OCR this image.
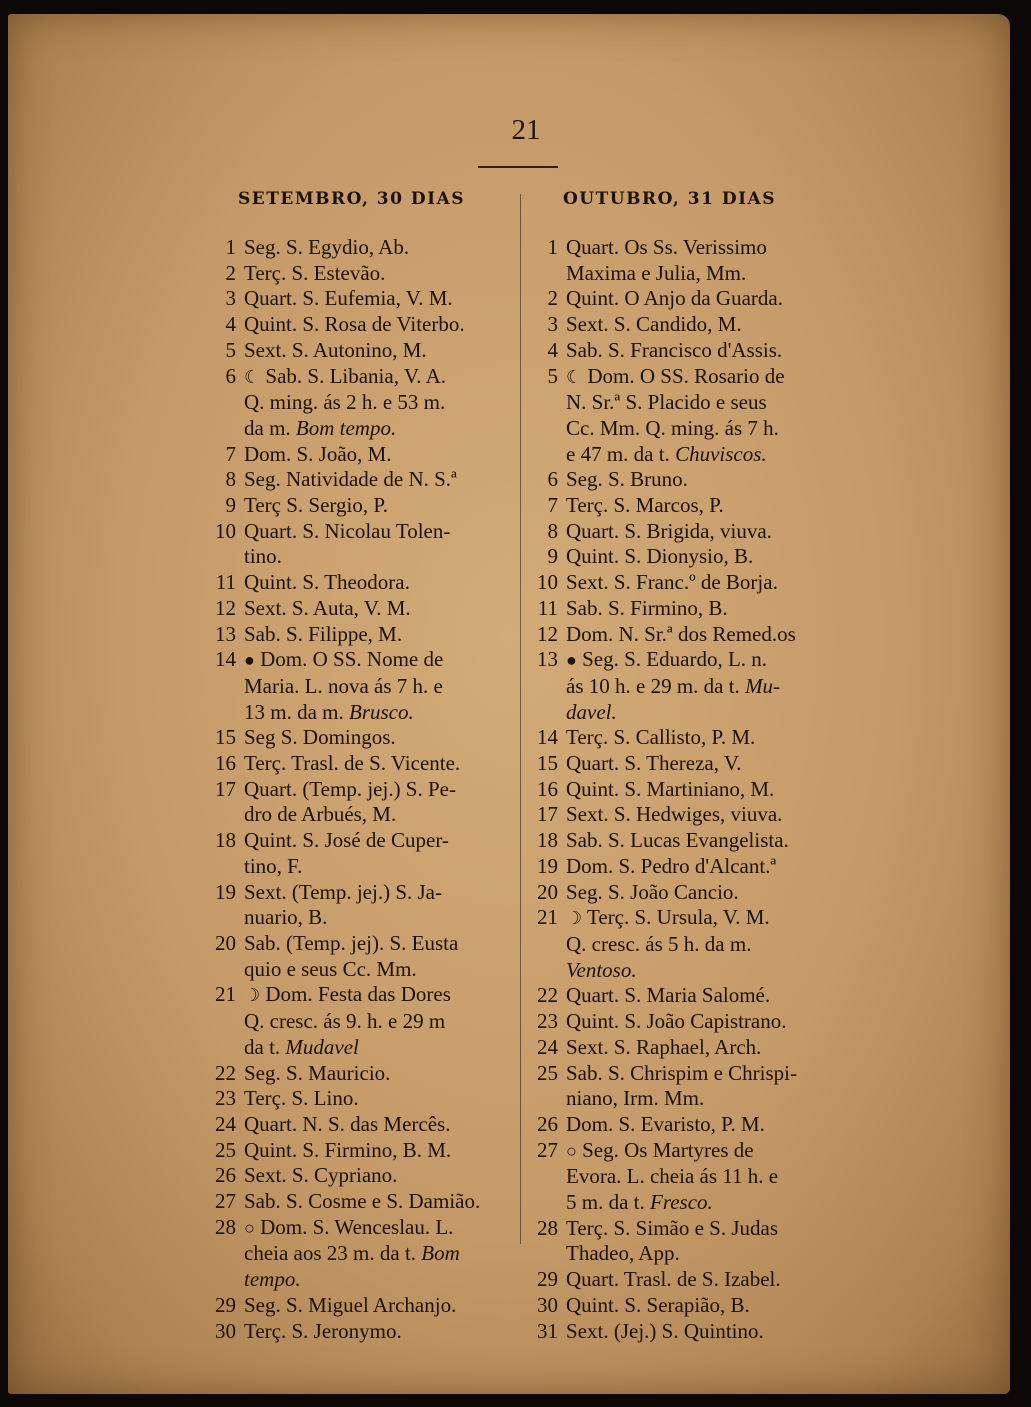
21
SETEMBRO, 30 DIAS	OUTUBRO, 31 DIAS
1 Seg. S. Egydio, Ab.
2 Terç. S. Estevão.
3 Quart. S. Eufemia, V. M.
4 Quint. S. Rosa de Viterbo.
5 Sext. S. Autonino, M.
6 ☾ Sab. S. Libania, V. A.
Q. ming. ás 2 h. e 53 m.
da m. Bom tempo.
7 Dom. S. João, M.
8 Seg. Natividade de N. S.ª
9 Terç S. Sergio, P.
10 Quart. S. Nicolau Tolen-
tino.
11 Quint. S. Theodora.
12 Sext. S. Auta, V. M.
13 Sab. S. Filippe, M.
14 ● Dom. O SS. Nome de
Maria. L. nova ás 7 h. e
13 m. da m. Brusco.
15 Seg S. Domingos.
16 Terç. Trasl. de S. Vicente.
17 Quart. (Temp. jej.) S. Pe-
dro de Arbués, M.
18 Quint. S. José de Cuper-
tino, F.
19 Sext. (Temp. jej.) S. Ja-
nuario, B.
20 Sab. (Temp. jej). S. Eusta
quio e seus Cc. Mm.
21 ☽ Dom. Festa das Dores
Q. cresc. ás 9. h. e 29 m
da t. Mudavel
22 Seg. S. Mauricio.
23 Terç. S. Lino.
24 Quart. N. S. das Mercês.
25 Quint. S. Firmino, B. M.
26 Sext. S. Cypriano.
27 Sab. S. Cosme e S. Damião.
28 ○ Dom. S. Wenceslau. L.
cheia aos 23 m. da t. Bom
tempo.
29 Seg. S. Miguel Archanjo.
30 Terç. S. Jeronymo.
1 Quart. Os Ss. Verissimo
Maxima e Julia, Mm.
2 Quint. O Anjo da Guarda.
3 Sext. S. Candido, M.
4 Sab. S. Francisco d'Assis.
5 ☾ Dom. O SS. Rosario de
N. Sr.ª S. Placido e seus
Cc. Mm. Q. ming. ás 7 h.
e 47 m. da t. Chuviscos.
6 Seg. S. Bruno.
7 Terç. S. Marcos, P.
8 Quart. S. Brigida, viuva.
9 Quint. S. Dionysio, B.
10 Sext. S. Franc.º de Borja.
11 Sab. S. Firmino, B.
12 Dom. N. Sr.ª dos Remed.os
13 ● Seg. S. Eduardo, L. n.
ás 10 h. e 29 m. da t. Mu-
davel.
14 Terç. S. Callisto, P. M.
15 Quart. S. Thereza, V.
16 Quint. S. Martiniano, M.
17 Sext. S. Hedwiges, viuva.
18 Sab. S. Lucas Evangelista.
19 Dom. S. Pedro d'Alcant.ª
20 Seg. S. João Cancio.
21 ☽ Terç. S. Ursula, V. M.
Q. cresc. ás 5 h. da m.
Ventoso.
22 Quart. S. Maria Salomé.
23 Quint. S. João Capistrano.
24 Sext. S. Raphael, Arch.
25 Sab. S. Chrispim e Chrispi-
niano, Irm. Mm.
26 Dom. S. Evaristo, P. M.
27 ○ Seg. Os Martyres de
Evora. L. cheia ás 11 h. e
5 m. da t. Fresco.
28 Terç. S. Simão e S. Judas
Thadeo, App.
29 Quart. Trasl. de S. Izabel.
30 Quint. S. Serapião, B.
31 Sext. (Jej.) S. Quintino.
